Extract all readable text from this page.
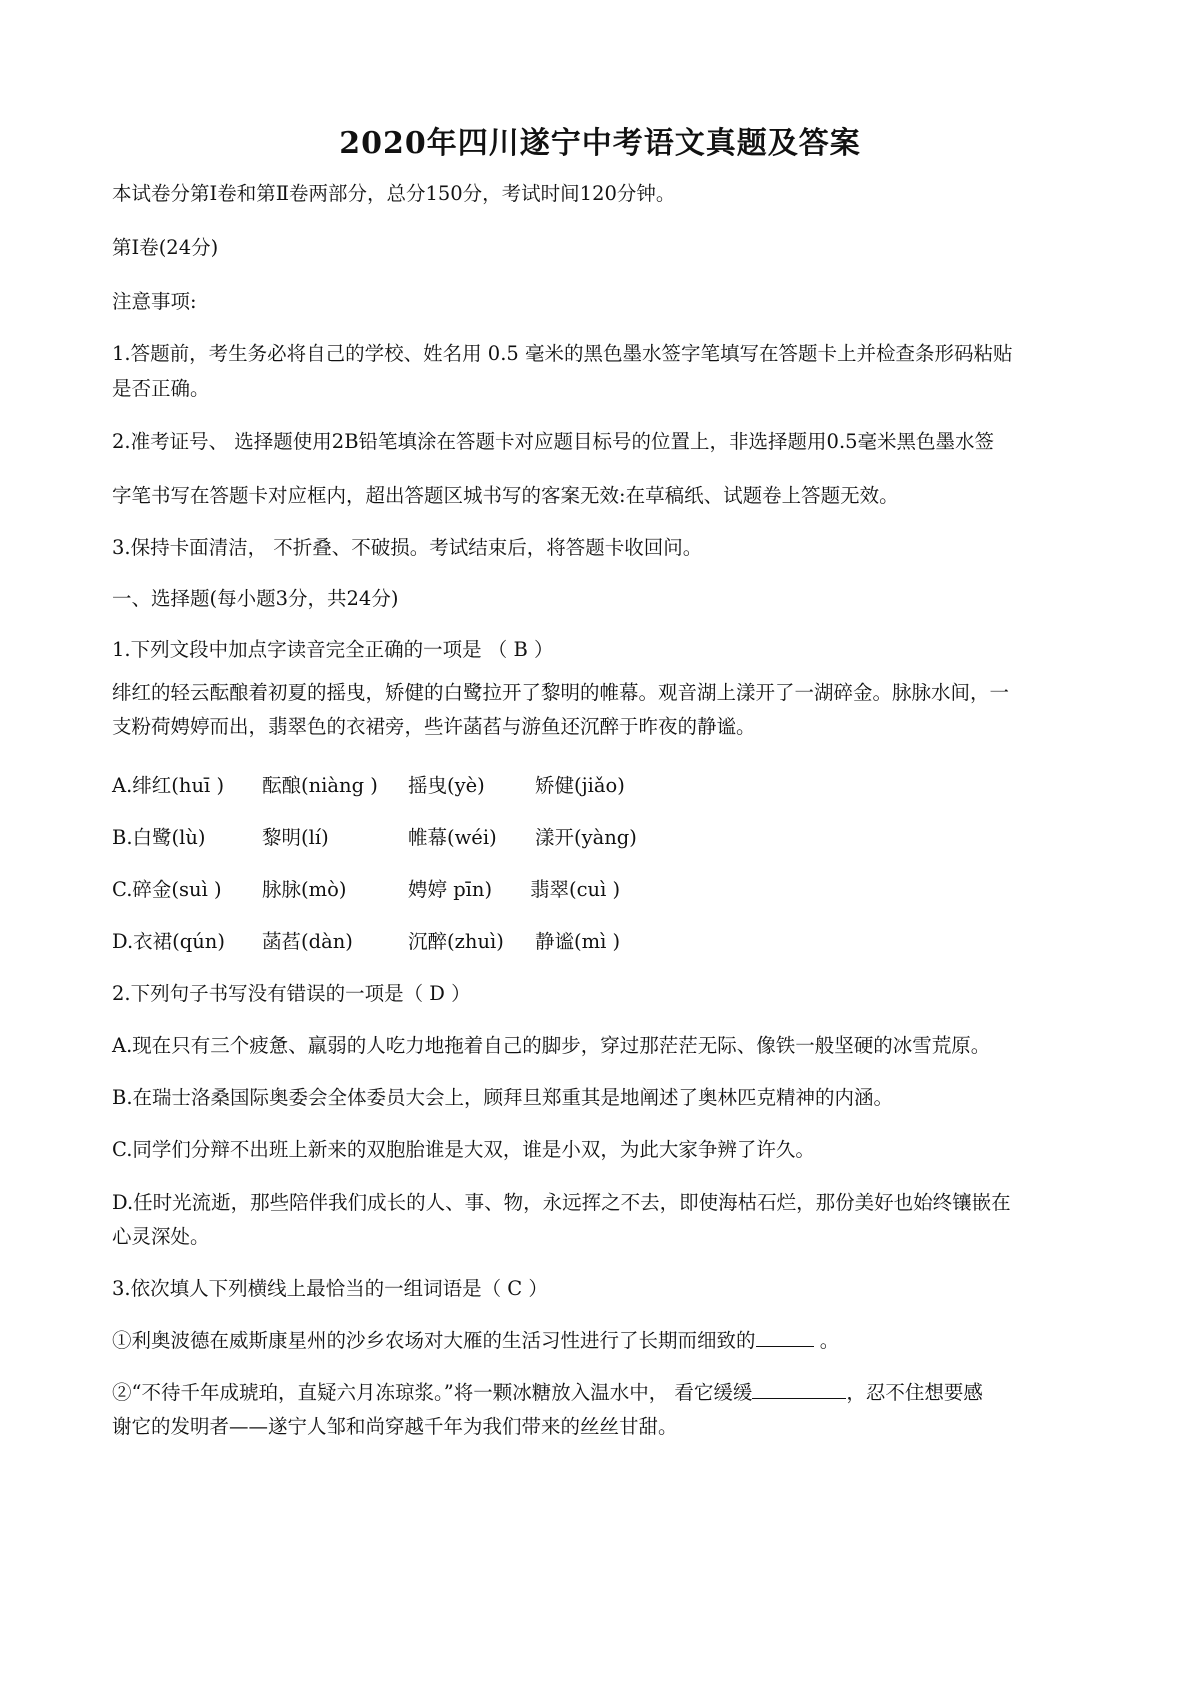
2020年四川遂宁中考语文真题及答案
本试卷分第Ⅰ卷和第Ⅱ卷两部分，总分150分，考试时间120分钟。
第Ⅰ卷(24分)
注意事项:
1.答题前，考生务必将自己的学校、姓名用 0.5 毫米的黑色墨水签字笔填写在答题卡上并检查条形码粘贴
是否正确。
2.准考证号、 选择题使用2B铅笔填涂在答题卡对应题目标号的位置上，非选择题用0.5毫米黑色墨水签
字笔书写在答题卡对应框内，超出答题区城书写的客案无效:在草稿纸、试题卷上答题无效。
3.保持卡面清洁， 不折叠、不破损。考试结束后，将答题卡收回问。
一、选择题(每小题3分，共24分)
1.下列文段中加点字读音完全正确的一项是 （ B ）
绯红的轻云酝酿着初夏的摇曳，矫健的白鹭拉开了黎明的帷幕。观音湖上漾开了一湖碎金。脉脉水间，一
支粉荷娉婷而出，翡翠色的衣裙旁，些许菡萏与游鱼还沉醉于昨夜的静谧。
A.绯红(huī ) 酝酿(niàng ) 摇曳(yè)	矫健(jiǎo)
B.白鹭(lù)	黎明(lí)	帷幕(wéi) 漾开(yàng)
C.碎金(suì ) 脉脉(mò)	娉婷 pīn) 翡翠(cuì )
D.衣裙(qún) 菡萏(dàn)	沉醉(zhuì) 静谧(mì )
2.下列句子书写没有错误的一项是（ D ）
A.现在只有三个疲惫、羸弱的人吃力地拖着自己的脚步，穿过那茫茫无际、像铁一般坚硬的冰雪荒原。
B.在瑞士洛桑国际奥委会全体委员大会上，顾拜旦郑重其是地阐述了奥林匹克精神的内涵。
C.同学们分辩不出班上新来的双胞胎谁是大双，谁是小双，为此大家争辨了许久。
D.任时光流逝，那些陪伴我们成长的人、事、物，永远挥之不去，即使海枯石烂，那份美好也始终镶嵌在
心灵深处。
3.依次填人下列横线上最恰当的一组词语是（ C ）
①利奥波德在威斯康星州的沙乡农场对大雁的生活习性进行了长期而细致的	。
②“不待千年成琥珀，直疑六月冻琼浆。”将一颗冰糖放入温水中， 看它缓缓	，忍不住想要感
谢它的发明者——遂宁人邹和尚穿越千年为我们带来的丝丝甘甜。
